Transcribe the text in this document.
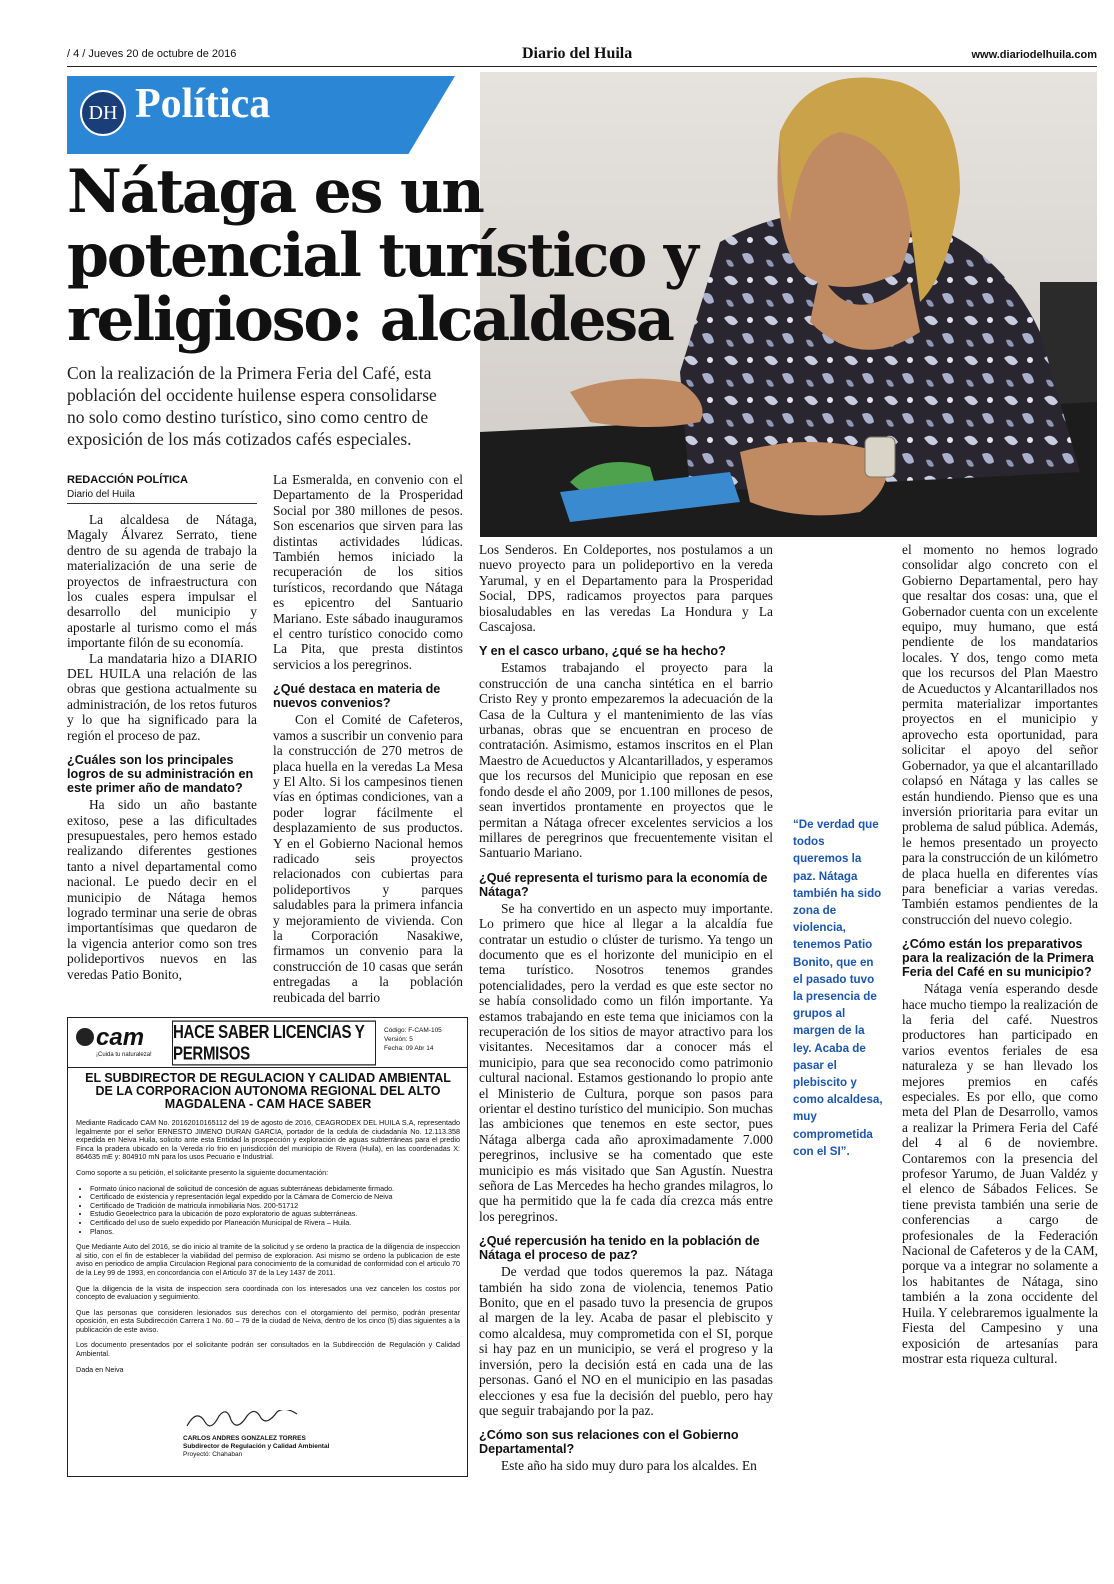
/ 4 / Jueves 20 de octubre de 2016	Diario del Huila	www.diariodelhuila.com
DH Política
Nátaga es un potencial turístico y religioso: alcaldesa
Con la realización de la Primera Feria del Café, esta población del occidente huilense espera consolidarse no solo como destino turístico, sino como centro de exposición de los más cotizados cafés especiales.
REDACCIÓN POLÍTICA
Diario del Huila

La alcaldesa de Nátaga, Magaly Álvarez Serrato, tiene dentro de su agenda de trabajo la materialización de una serie de proyectos de infraestructura con los cuales espera impulsar el desarrollo del municipio y apostarle al turismo como el más importante filón de su economía.

La mandataria hizo a DIARIO DEL HUILA una relación de las obras que gestiona actualmente su administración, de los retos futuros y lo que ha significado para la región el proceso de paz.

¿Cuáles son los principales logros de su administración en este primer año de mandato?

Ha sido un año bastante exitoso, pese a las dificultades presupuestales, pero hemos estado realizando diferentes gestiones tanto a nivel departamental como nacional. Le puedo decir en el municipio de Nátaga hemos logrado terminar una serie de obras importantísimas que quedaron de la vigencia anterior como son tres polideportivos nuevos en las veredas Patio Bonito,

La Esmeralda, en convenio con el Departamento de la Prosperidad Social por 380 millones de pesos. Son escenarios que sirven para las distintas actividades lúdicas. También hemos iniciado la recuperación de los sitios turísticos, recordando que Nátaga es epicentro del Santuario Mariano. Este sábado inauguramos el centro turístico conocido como La Pita, que presta distintos servicios a los peregrinos.

¿Qué destaca en materia de nuevos convenios?

Con el Comité de Cafeteros, vamos a suscribir un convenio para la construcción de 270 metros de placa huella en la veredas La Mesa y El Alto. Si los campesinos tienen vías en óptimas condiciones, van a poder lograr fácilmente el desplazamiento de sus productos. Y en el Gobierno Nacional hemos radicado seis proyectos relacionados con cubiertas para polideportivos y parques saludables para la primera infancia y mejoramiento de vivienda. Con la Corporación Nasakiwe, firmamos un convenio para la construcción de 10 casas que serán entregadas a la población reubicada del barrio

Los Senderos. En Coldeportes, nos postulamos a un nuevo proyecto para un polideportivo en la vereda Yarumal, y en el Departamento para la Prosperidad Social, DPS, radicamos proyectos para parques biosaludables en las veredas La Hondura y La Cascajosa.

Y en el casco urbano, ¿qué se ha hecho?

Estamos trabajando el proyecto para la construcción de una cancha sintética en el barrio Cristo Rey y pronto empezaremos la adecuación de la Casa de la Cultura y el mantenimiento de las vías urbanas, obras que se encuentran en proceso de contratación. Asimismo, estamos inscritos en el Plan Maestro de Acueductos y Alcantarillados, y esperamos que los recursos del Municipio que reposan en ese fondo desde el año 2009, por 1.100 millones de pesos, sean invertidos prontamente en proyectos que le permitan a Nátaga ofrecer excelentes servicios a los millares de peregrinos que frecuentemente visitan el Santuario Mariano.

¿Qué representa el turismo para la economía de Nátaga?

Se ha convertido en un aspecto muy importante. Lo primero que hice al llegar a la alcaldía fue contratar un estudio o clúster de turismo. Ya tengo un documento que es el horizonte del municipio en el tema turístico. Nosotros tenemos grandes potencialidades, pero la verdad es que este sector no se había consolidado como un filón importante. Ya estamos trabajando en este tema que iniciamos con la recuperación de los sitios de mayor atractivo para los visitantes. Necesitamos dar a conocer más el municipio, para que sea reconocido como patrimonio cultural nacional. Estamos gestionando lo propio ante el Ministerio de Cultura, porque son pasos para orientar el destino turístico del municipio. Son muchas las ambiciones que tenemos en este sector, pues Nátaga alberga cada año aproximadamente 7.000 peregrinos, inclusive se ha comentado que este municipio es más visitado que San Agustín. Nuestra señora de Las Mercedes ha hecho grandes milagros, lo que ha permitido que la fe cada día crezca más entre los peregrinos.

¿Qué repercusión ha tenido en la población de Nátaga el proceso de paz?

De verdad que todos queremos la paz. Nátaga también ha sido zona de violencia, tenemos Patio Bonito, que en el pasado tuvo la presencia de grupos al margen de la ley. Acaba de pasar el plebiscito y como alcaldesa, muy comprometida con el SI, porque si hay paz en un municipio, se verá el progreso y la inversión, pero la decisión está en cada una de las personas. Ganó el NO en el municipio en las pasadas elecciones y esa fue la decisión del pueblo, pero hay que seguir trabajando por la paz.

¿Cómo son sus relaciones con el Gobierno Departamental?

Este año ha sido muy duro para los alcaldes. En

el momento no hemos logrado consolidar algo concreto con el Gobierno Departamental, pero hay que resaltar dos cosas: una, que el Gobernador cuenta con un excelente equipo, muy humano, que está pendiente de los mandatarios locales. Y dos, tengo como meta que los recursos del Plan Maestro de Acueductos y Alcantarillados nos permita materializar importantes proyectos en el municipio y aprovecho esta oportunidad, para solicitar el apoyo del señor Gobernador, ya que el alcantarillado colapsó en Nátaga y las calles se están hundiendo. Pienso que es una inversión prioritaria para evitar un problema de salud pública. Además, le hemos presentado un proyecto para la construcción de un kilómetro de placa huella en diferentes vías para beneficiar a varias veredas. También estamos pendientes de la construcción del nuevo colegio.

¿Cómo están los preparativos para la realización de la Primera Feria del Café en su municipio?

Nátaga venía esperando desde hace mucho tiempo la realización de la feria del café. Nuestros productores han participado en varios eventos feriales de esa naturaleza y se han llevado los mejores premios en cafés especiales. Es por ello, que como meta del Plan de Desarrollo, vamos a realizar la Primera Feria del Café del 4 al 6 de noviembre. Contaremos con la presencia del profesor Yarumo, de Juan Valdéz y el elenco de Sábados Felices. Se tiene prevista también una serie de conferencias a cargo de profesionales de la Federación Nacional de Cafeteros y de la CAM, porque va a integrar no solamente a los habitantes de Nátaga, sino también a la zona occidente del Huila. Y celebraremos igualmente la Fiesta del Campesino y una exposición de artesanías para mostrar esta riqueza cultural.

“De verdad que todos queremos la paz. Nátaga también ha sido zona de violencia, tenemos Patio Bonito, que en el pasado tuvo la presencia de grupos al margen de la ley. Acaba de pasar el plebiscito y como alcaldesa, muy comprometida con el SI”.
cam
¡Cuida tu naturaleza!
HACE SABER LICENCIAS Y PERMISOS
Código: F-CAM-105
Versión: 5
Fecha: 09 Abr 14
EL SUBDIRECTOR DE REGULACION Y CALIDAD AMBIENTAL DE LA CORPORACION AUTONOMA REGIONAL DEL ALTO MAGDALENA - CAM HACE SABER

Mediante Radicado CAM No. 20162010165112 del 19 de agosto de 2016, CEAGRODEX DEL HUILA S.A, representado legalmente por el señor ERNESTO JIMENO DURAN GARCIA, portador de la cedula de ciudadanía No. 12.113.358 expedida en Neiva Huila, solicito ante esta Entidad la prospección y exploración de aguas subterráneas para el predio Finca la pradera ubicado en la Vereda río frio en jurisdicción del municipio de Rivera (Huila), en las coordenadas X: 864635 mE y: 804910 mN para los usos Pecuario e Industrial.

Como soporte a su petición, el solicitante presento la siguiente documentación:

• Formato único nacional de solicitud de concesión de aguas subterráneas debidamente firmado.
• Certificado de existencia y representación legal expedido por la Cámara de Comercio de Neiva
• Certificado de Tradición de matricula inmobiliaria Nos. 200-51712
• Estudio Geoelectrico para la ubicación de pozo exploratorio de aguas subterráneas.
• Certificado del uso de suelo expedido por Planeación Municipal de Rivera – Huila.
• Planos.

Que Mediante Auto del 2016, se dio inicio al tramite de la solicitud y se ordeno la practica de la diligencia de inspeccion al sitio, con el fin de establecer la viabilidad del permiso de exploracion. Asi mismo se ordeno la publicacion de este aviso en periodico de amplia Circulacion Regional para conocimiento de la comunidad de conformidad con el articulo 70 de la Ley 99 de 1993, en concordancia con el Articulo 37 de la Ley 1437 de 2011.

Que la diligencia de la visita de inspeccion sera coordinada con los interesados una vez cancelen los costos por concepto de evaluacion y seguimiento.

Que las personas que consideren lesionados sus derechos con el otorgamiento del permiso, podrán presentar oposición, en esta Subdirección Carrera 1 No. 60 – 79 de la ciudad de Neiva, dentro de los cinco (5) días siguientes a la publicación de este aviso.

Los documento presentados por el solicitante podrán ser consultados en la Subdirección de Regulación y Calidad Ambiental.

Dada en Neiva

CARLOS ANDRES GONZALEZ TORRES
Subdirector de Regulación y Calidad Ambiental
Proyectó: Chahaban
